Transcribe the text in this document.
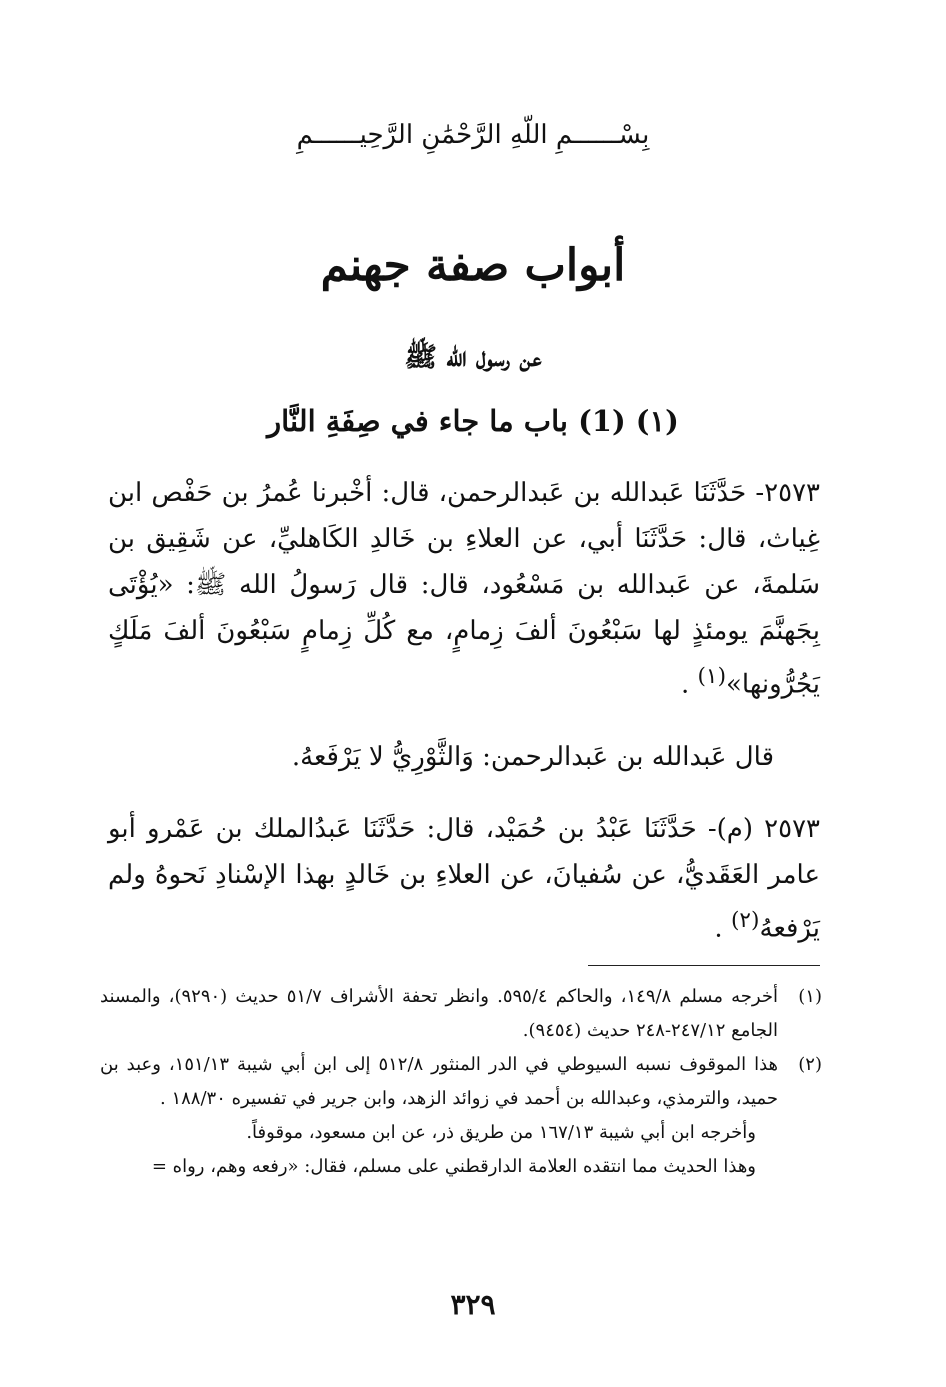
بِسْــــــمِ اللّهِ الرَّحْمَٰنِ الرَّحِيــــــمِ
أبواب صفة جهنم
عن رسول الله ﷺ
(١) (1) باب ما جاء في صِفَةِ النَّار

٢٥٧٣- حَدَّثَنَا عَبدالله بن عَبدالرحمن، قال: أخْبرنا عُمرُ بن حَفْص ابن غِياث، قال: حَدَّثَنَا أبي، عن العلاءِ بن خَالدِ الكَاهليِّ، عن شَقِيق بن سَلمةَ، عن عَبدالله بن مَسْعُود، قال: قال رَسولُ الله ﷺ: «يُؤْتَى بِجَهنَّمَ يومئذٍ لها سَبْعُونَ ألفَ زِمامٍ، مع كُلِّ زِمامٍ سَبْعُونَ ألفَ مَلَكٍ يَجُرُّونها»$^{(١)}$ .

قال عَبدالله بن عَبدالرحمن: وَالثَّوْرِيُّ لا يَرْفَعهُ.

٢٥٧٣ (م)- حَدَّثَنَا عَبْدُ بن حُمَيْد، قال: حَدَّثَنَا عَبدُالملك بن عَمْرو أبو عامر العَقَديُّ، عن سُفيانَ، عن العلاءِ بن خَالدٍ بهذا الإسْنادِ نَحوهُ ولم يَرْفعهُ$^{(٢)}$ .

(١)
أخرجه مسلم ١٤٩/٨، والحاكم ٥٩٥/٤. وانظر تحفة الأشراف ٥١/٧ حديث (٩٢٩٠)، والمسند الجامع ٢٤٧/١٢-٢٤٨ حديث (٩٤٥٤).
(٢)
هذا الموقوف نسبه السيوطي في الدر المنثور ٥١٢/٨ إلى ابن أبي شيبة ١٥١/١٣، وعبد بن حميد، والترمذي، وعبدالله بن أحمد في زوائد الزهد، وابن جرير في تفسيره ١٨٨/٣٠ .
وأخرجه ابن أبي شيبة ١٦٧/١٣ من طريق ذر، عن ابن مسعود، موقوفاً.
وهذا الحديث مما انتقده العلامة الدارقطني على مسلم، فقال: «رفعه وهم، رواه =
٣٢٩
